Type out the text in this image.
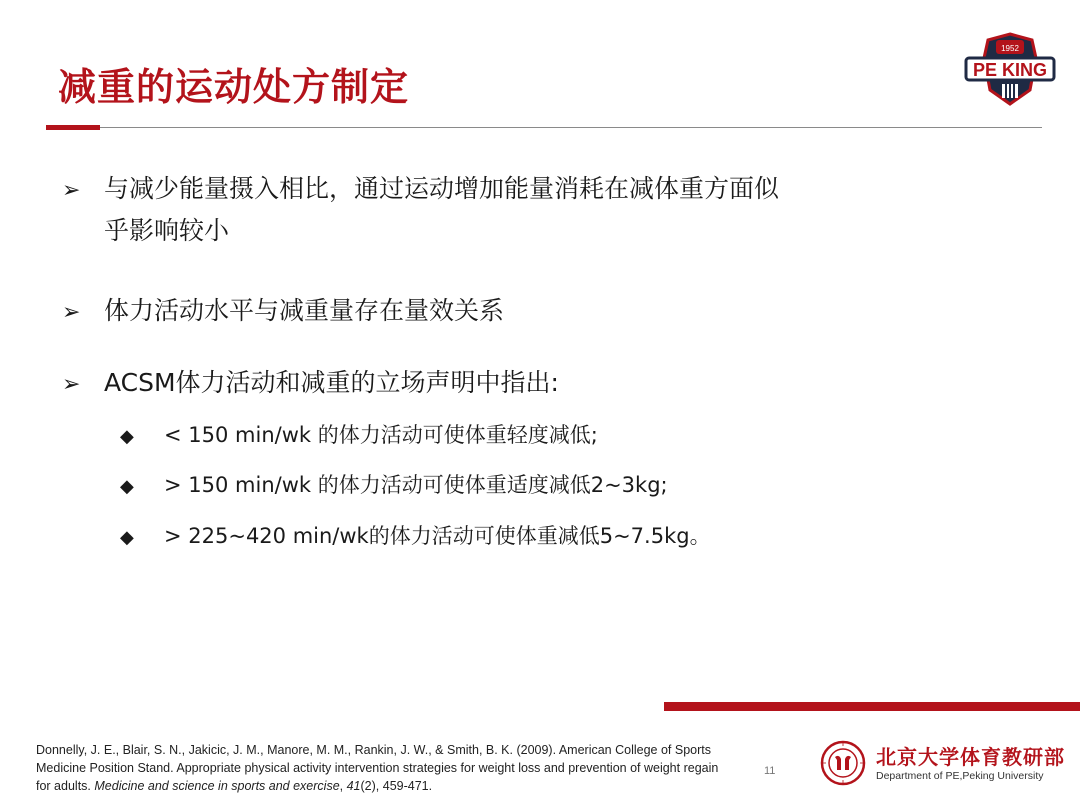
减重的运动处方制定
1952
PE KING
➢ 与减少能量摄入相比，通过运动增加能量消耗在减体重方面似
乎影响较小
➢ 体力活动水平与减重量存在量效关系
➢ ACSM体力活动和减重的立场声明中指出:
◆ < 150 min/wk 的体力活动可使体重轻度减低;
◆ > 150 min/wk 的体力活动可使体重适度减低2~3kg;
◆ > 225~420 min/wk的体力活动可使体重减低5~7.5kg。
Donnelly, J. E., Blair, S. N., Jakicic, J. M., Manore, M. M., Rankin, J. W., & Smith, B. K. (2009). American College of Sports Medicine Position Stand. Appropriate physical activity intervention strategies for weight loss and prevention of weight regain for adults. Medicine and science in sports and exercise, 41(2), 459-471.
11
北京大学体育教研部
Department of PE,Peking University
